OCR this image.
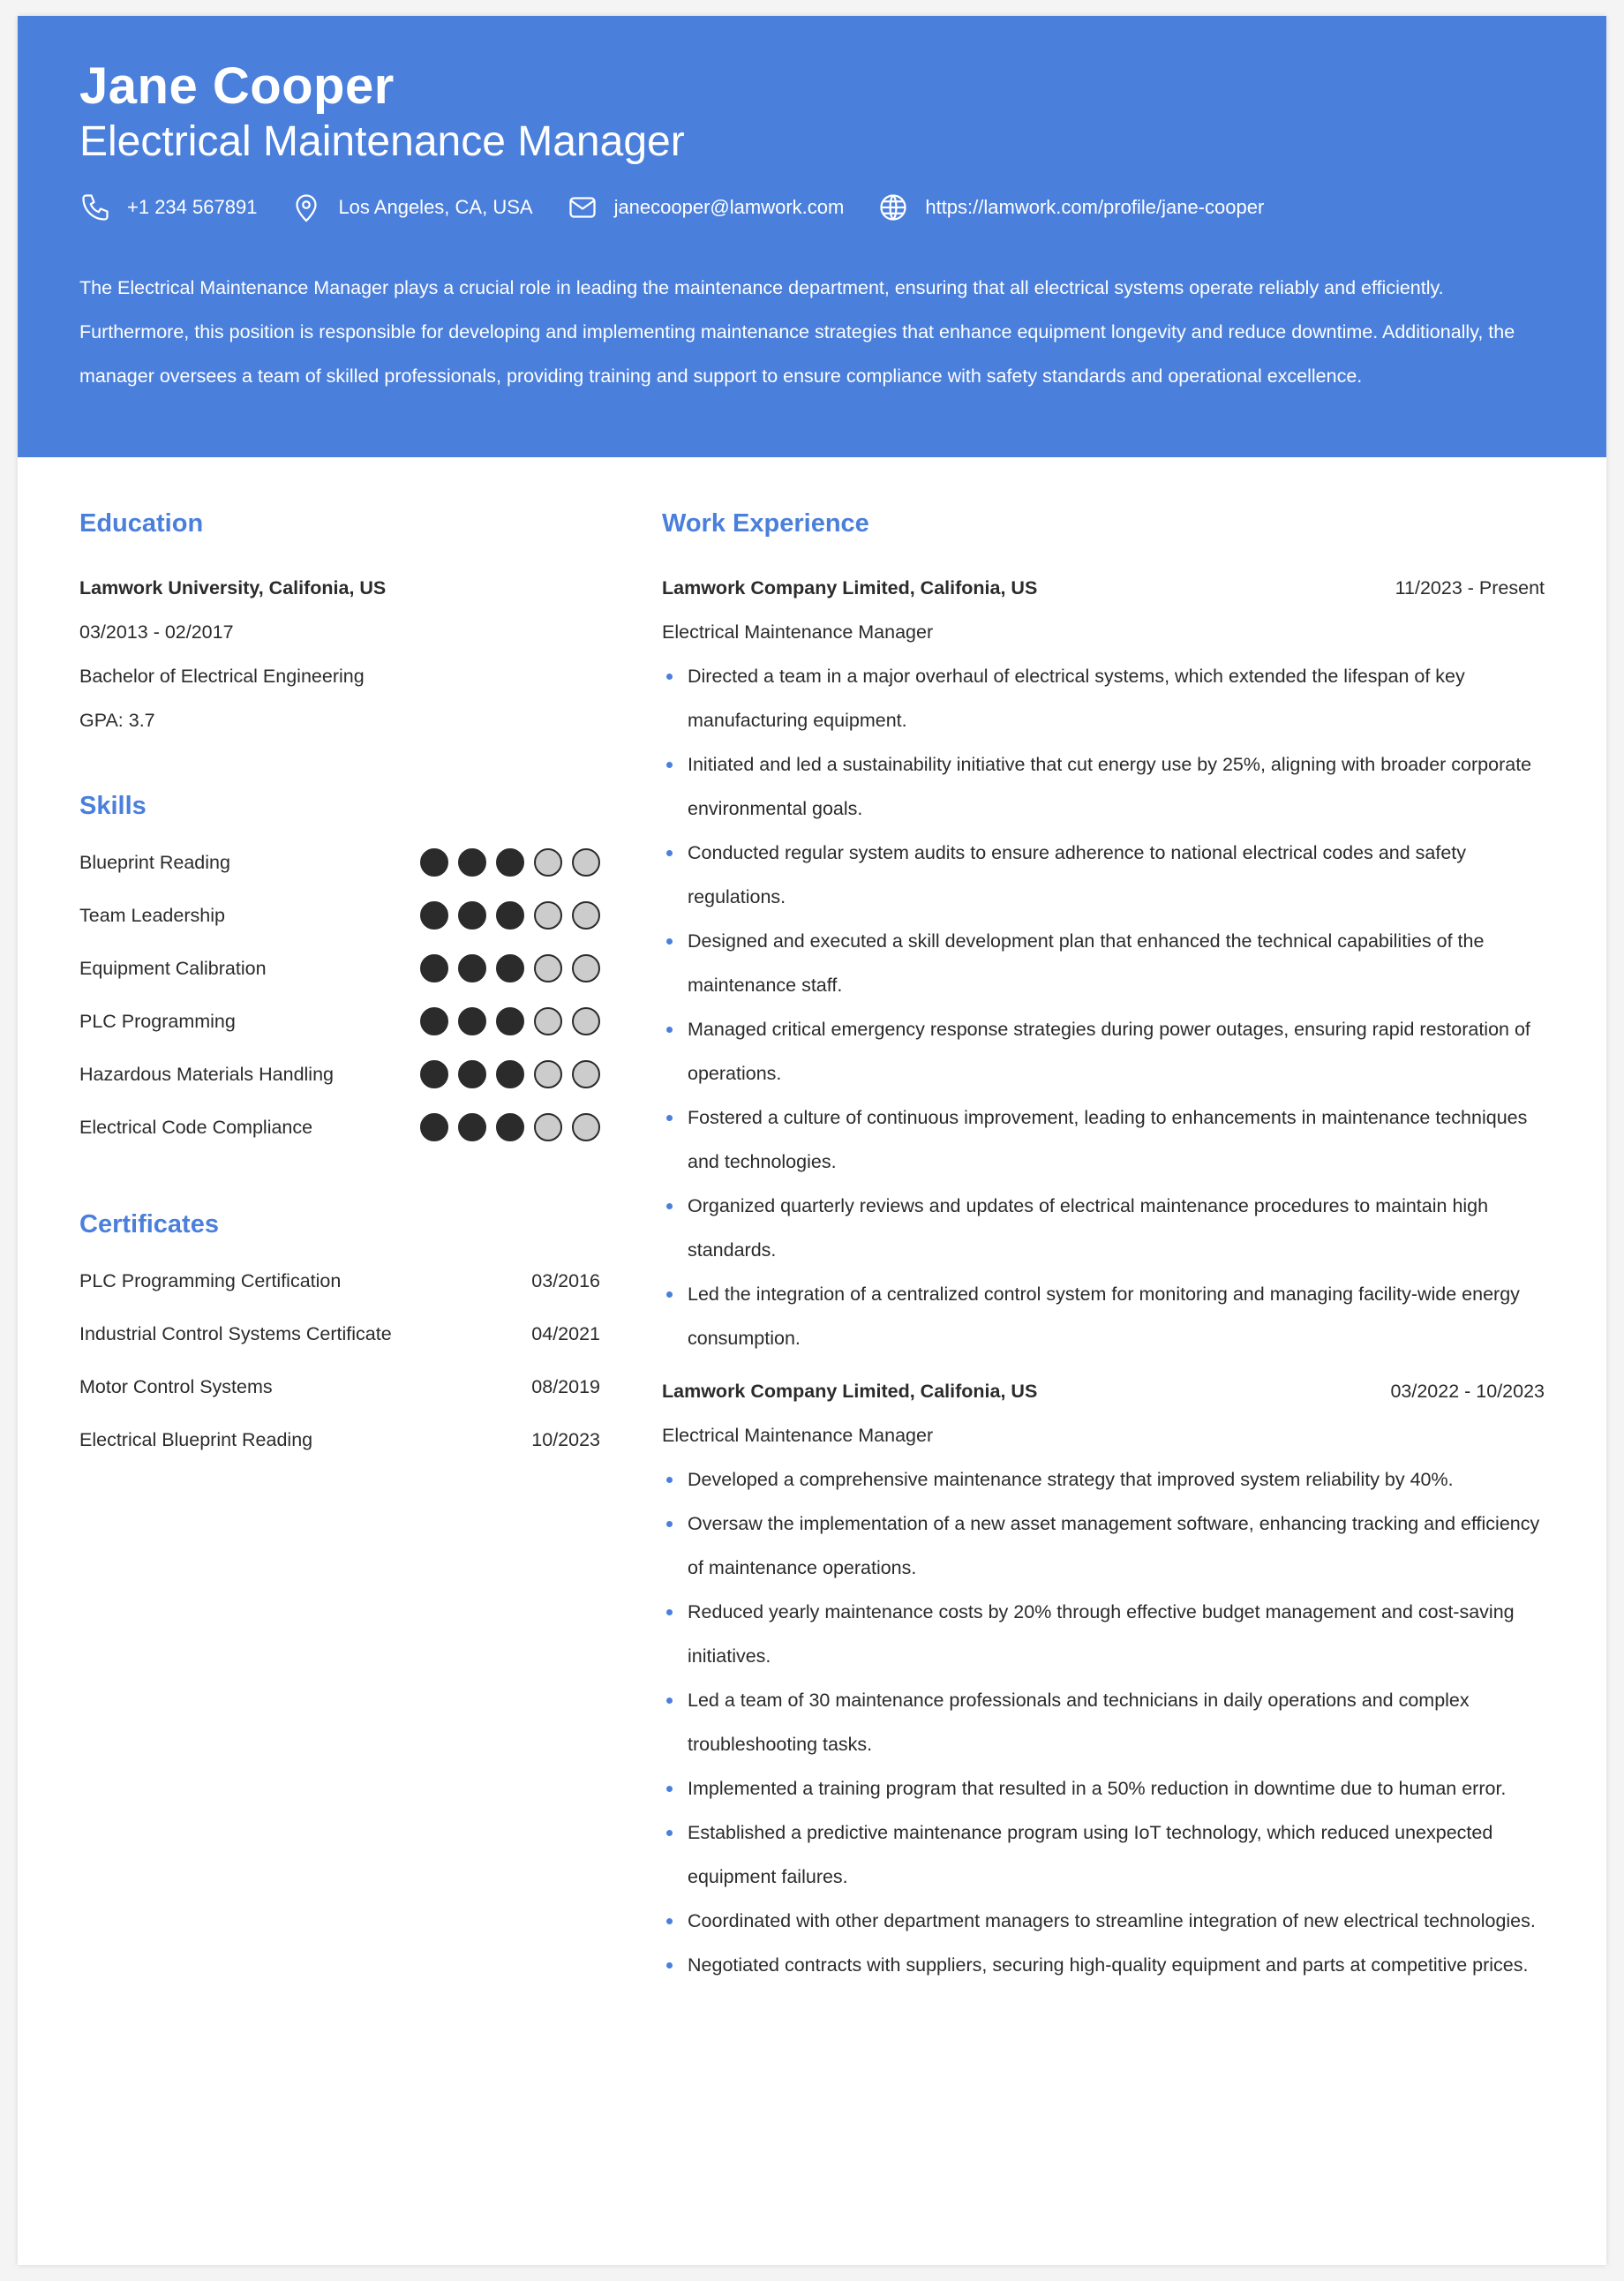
Jane Cooper
Electrical Maintenance Manager
+1 234 567891	Los Angeles, CA, USA	janecooper@lamwork.com	https://lamwork.com/profile/jane-cooper
The Electrical Maintenance Manager plays a crucial role in leading the maintenance department, ensuring that all electrical systems operate reliably and efficiently. Furthermore, this position is responsible for developing and implementing maintenance strategies that enhance equipment longevity and reduce downtime. Additionally, the manager oversees a team of skilled professionals, providing training and support to ensure compliance with safety standards and operational excellence.
Education
Lamwork University, Califonia, US
03/2013 - 02/2017
Bachelor of Electrical Engineering
GPA: 3.7
Skills
Blueprint Reading
Team Leadership
Equipment Calibration
PLC Programming
Hazardous Materials Handling
Electrical Code Compliance
Certificates
PLC Programming Certification	03/2016
Industrial Control Systems Certificate	04/2021
Motor Control Systems	08/2019
Electrical Blueprint Reading	10/2023
Work Experience
Lamwork Company Limited, Califonia, US	11/2023 - Present
Electrical Maintenance Manager
Directed a team in a major overhaul of electrical systems, which extended the lifespan of key manufacturing equipment.
Initiated and led a sustainability initiative that cut energy use by 25%, aligning with broader corporate environmental goals.
Conducted regular system audits to ensure adherence to national electrical codes and safety regulations.
Designed and executed a skill development plan that enhanced the technical capabilities of the maintenance staff.
Managed critical emergency response strategies during power outages, ensuring rapid restoration of operations.
Fostered a culture of continuous improvement, leading to enhancements in maintenance techniques and technologies.
Organized quarterly reviews and updates of electrical maintenance procedures to maintain high standards.
Led the integration of a centralized control system for monitoring and managing facility-wide energy consumption.
Lamwork Company Limited, Califonia, US	03/2022 - 10/2023
Electrical Maintenance Manager
Developed a comprehensive maintenance strategy that improved system reliability by 40%.
Oversaw the implementation of a new asset management software, enhancing tracking and efficiency of maintenance operations.
Reduced yearly maintenance costs by 20% through effective budget management and cost-saving initiatives.
Led a team of 30 maintenance professionals and technicians in daily operations and complex troubleshooting tasks.
Implemented a training program that resulted in a 50% reduction in downtime due to human error.
Established a predictive maintenance program using IoT technology, which reduced unexpected equipment failures.
Coordinated with other department managers to streamline integration of new electrical technologies.
Negotiated contracts with suppliers, securing high-quality equipment and parts at competitive prices.
